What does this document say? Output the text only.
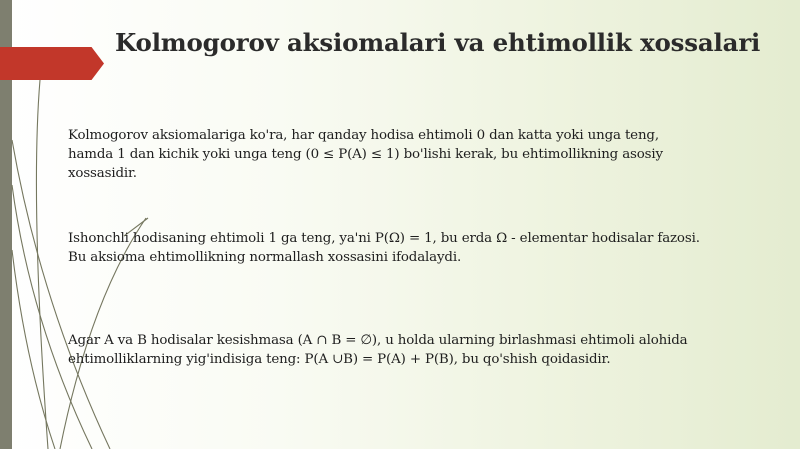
Kolmogorov aksiomalari va ehtimollik xossalari

Kolmogorov aksiomalariga ko'ra, har qanday hodisa ehtimoli 0 dan katta yoki unga teng,
hamda 1 dan kichik yoki unga teng (0 ≤ P(A) ≤ 1) bo'lishi kerak, bu ehtimollikning asosiy
xossasidir.

Ishonchli hodisaning ehtimoli 1 ga teng, ya'ni P(Ω) = 1, bu erda Ω - elementar hodisalar fazosi.
Bu aksioma ehtimollikning normallash xossasini ifodalaydi.

Agar A va B hodisalar kesishmasa (A ∩ B = ∅), u holda ularning birlashmasi ehtimoli alohida
ehtimolliklarning yig'indisiga teng: P(A ∪B) = P(A) + P(B), bu qo'shish qoidasidir.
